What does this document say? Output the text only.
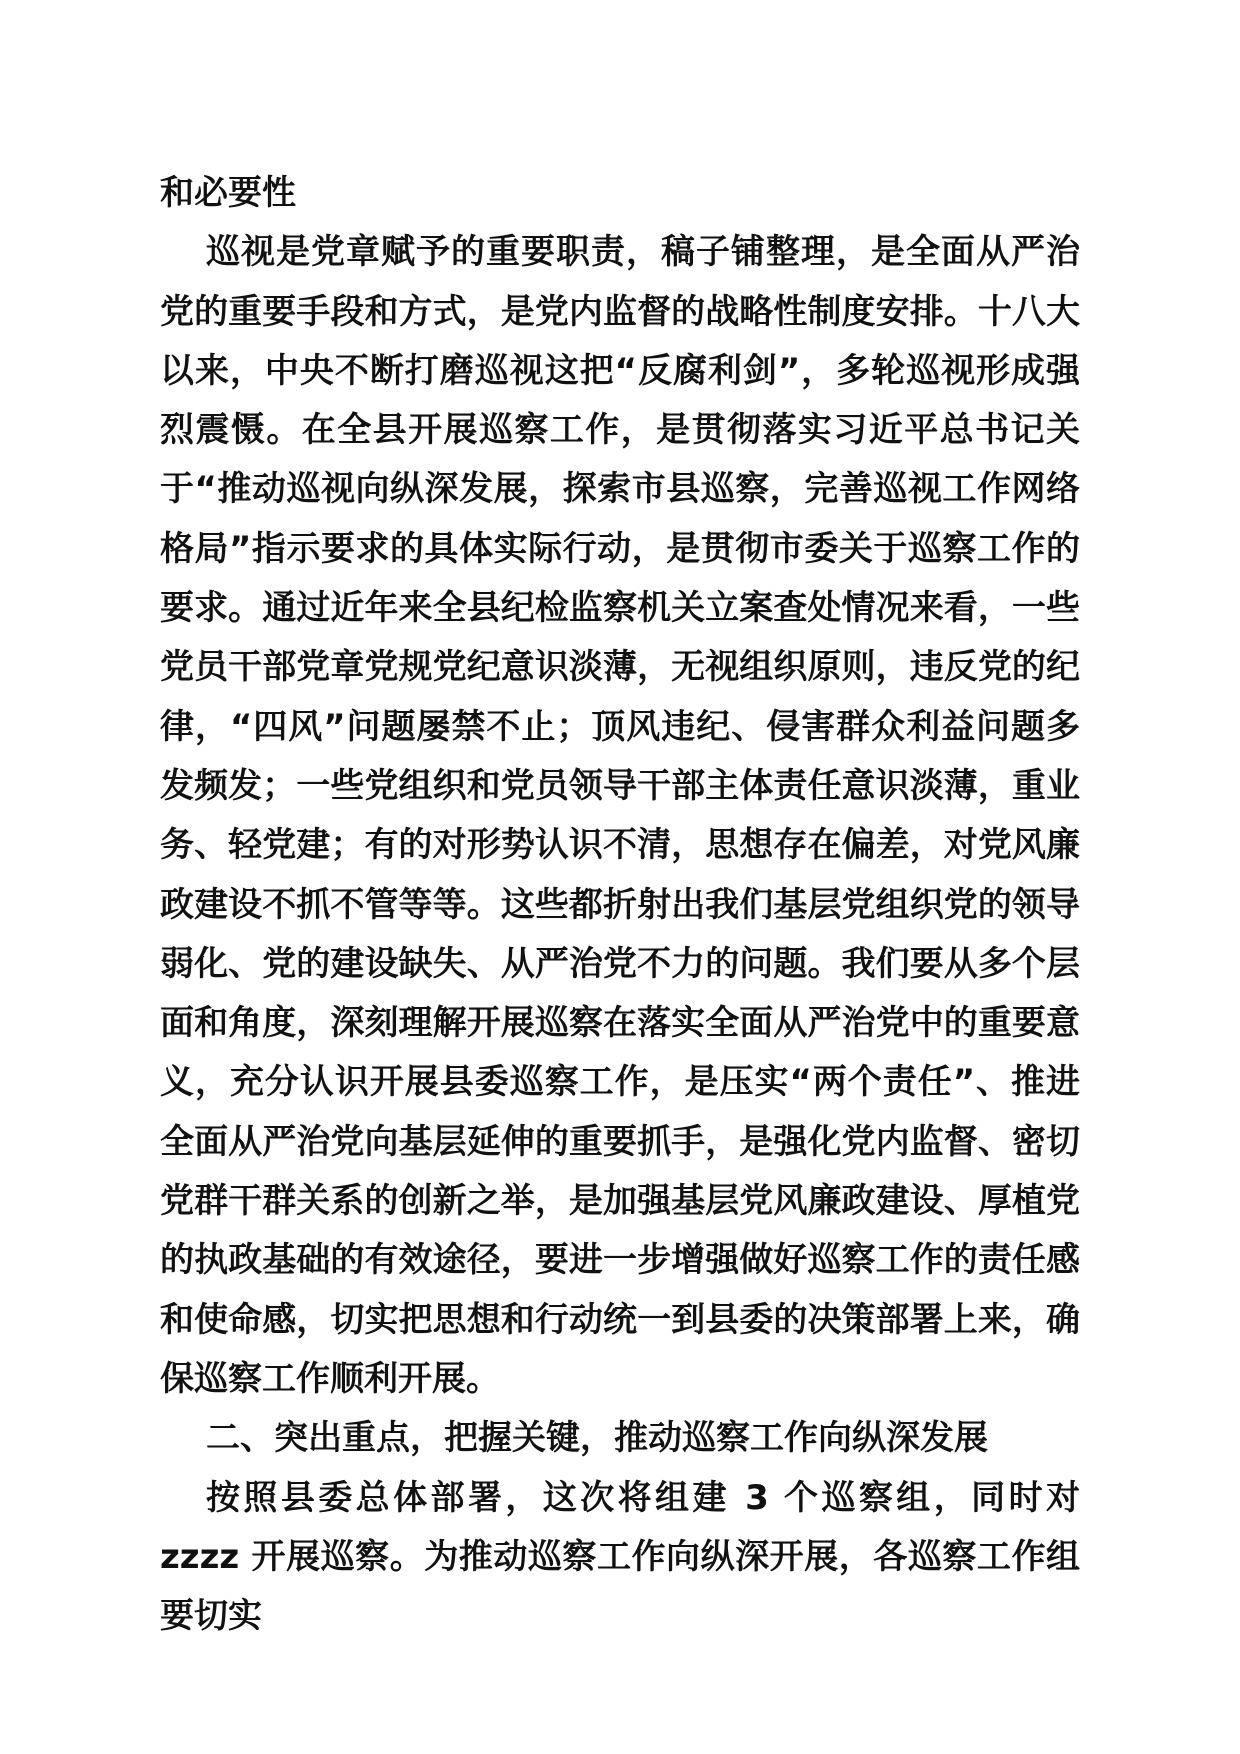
和必要性

巡视是党章赋予的重要职责，稿子铺整理，是全面从严治党的重要手段和方式，是党内监督的战略性制度安排。十八大以来，中央不断打磨巡视这把“反腐利剑”，多轮巡视形成强烈震慑。在全县开展巡察工作，是贯彻落实习近平总书记关于“推动巡视向纵深发展，探索市县巡察，完善巡视工作网络格局”指示要求的具体实际行动，是贯彻市委关于巡察工作的要求。通过近年来全县纪检监察机关立案查处情况来看，一些党员干部党章党规党纪意识淡薄，无视组织原则，违反党的纪律，“四风”问题屡禁不止；顶风违纪、侵害群众利益问题多发频发；一些党组织和党员领导干部主体责任意识淡薄，重业务、轻党建；有的对形势认识不清，思想存在偏差，对党风廉政建设不抓不管等等。这些都折射出我们基层党组织党的领导弱化、党的建设缺失、从严治党不力的问题。我们要从多个层面和角度，深刻理解开展巡察在落实全面从严治党中的重要意义，充分认识开展县委巡察工作，是压实“两个责任”、推进全面从严治党向基层延伸的重要抓手，是强化党内监督、密切党群干群关系的创新之举，是加强基层党风廉政建设、厚植党的执政基础的有效途径，要进一步增强做好巡察工作的责任感和使命感，切实把思想和行动统一到县委的决策部署上来，确保巡察工作顺利开展。

二、突出重点，把握关键，推动巡察工作向纵深发展

按照县委总体部署，这次将组建 3 个巡察组，同时对 zzzz 开展巡察。为推动巡察工作向纵深开展，各巡察工作组要切实
